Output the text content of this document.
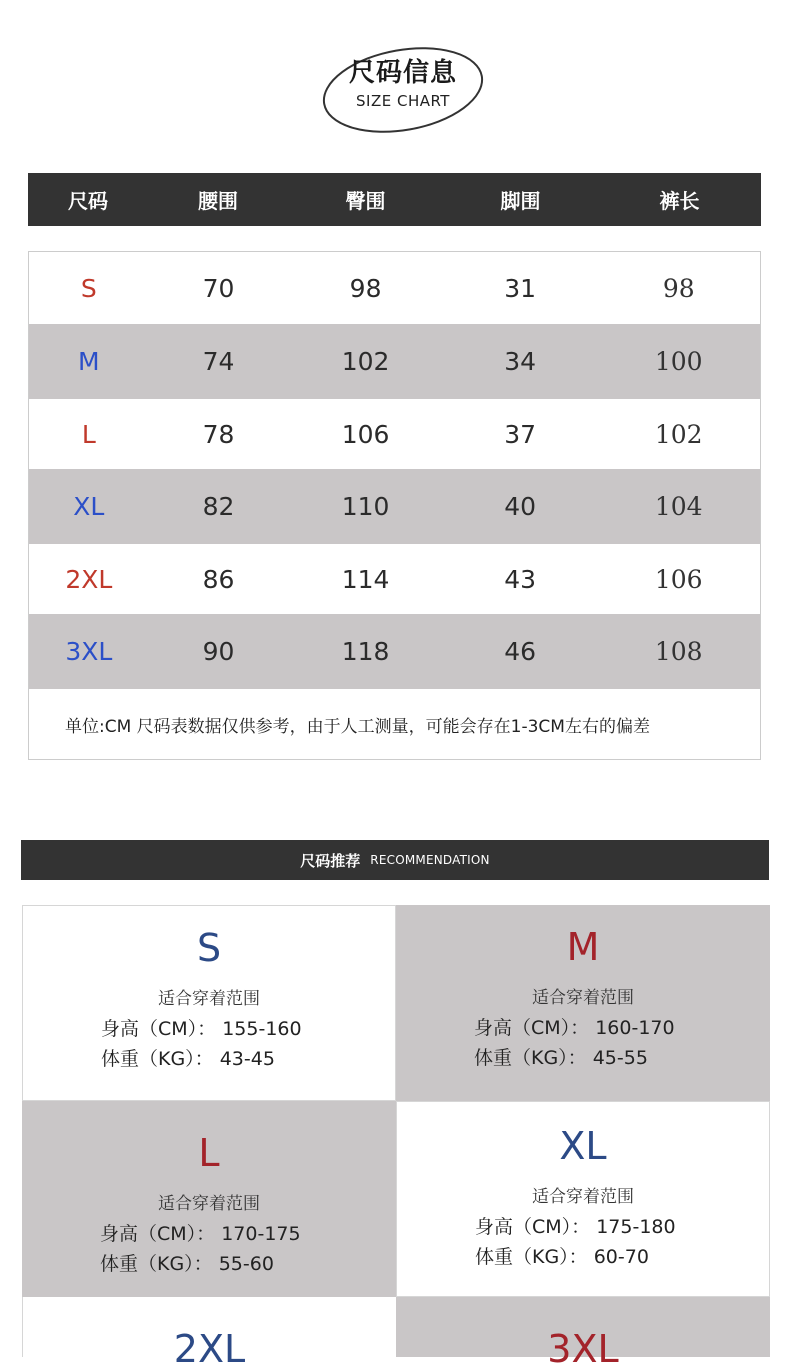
尺码信息
SIZE CHART
尺码	腰围	臀围	脚围	裤长
S	70	98	31	98
M	74	102	34	100
L	78	106	37	102
XL	82	110	40	104
2XL	86	114	43	106
3XL	90	118	46	108
单位:CM 尺码表数据仅供参考，由于人工测量，可能会存在1-3CM左右的偏差
尺码推荐 RECOMMENDATION
S
适合穿着范围
身高（CM）： 155-160
体重（KG）： 43-45
M
适合穿着范围
身高（CM）： 160-170
体重（KG）： 45-55
L
适合穿着范围
身高（CM）： 170-175
体重（KG）： 55-60
XL
适合穿着范围
身高（CM）： 175-180
体重（KG）： 60-70
2XL	3XL
